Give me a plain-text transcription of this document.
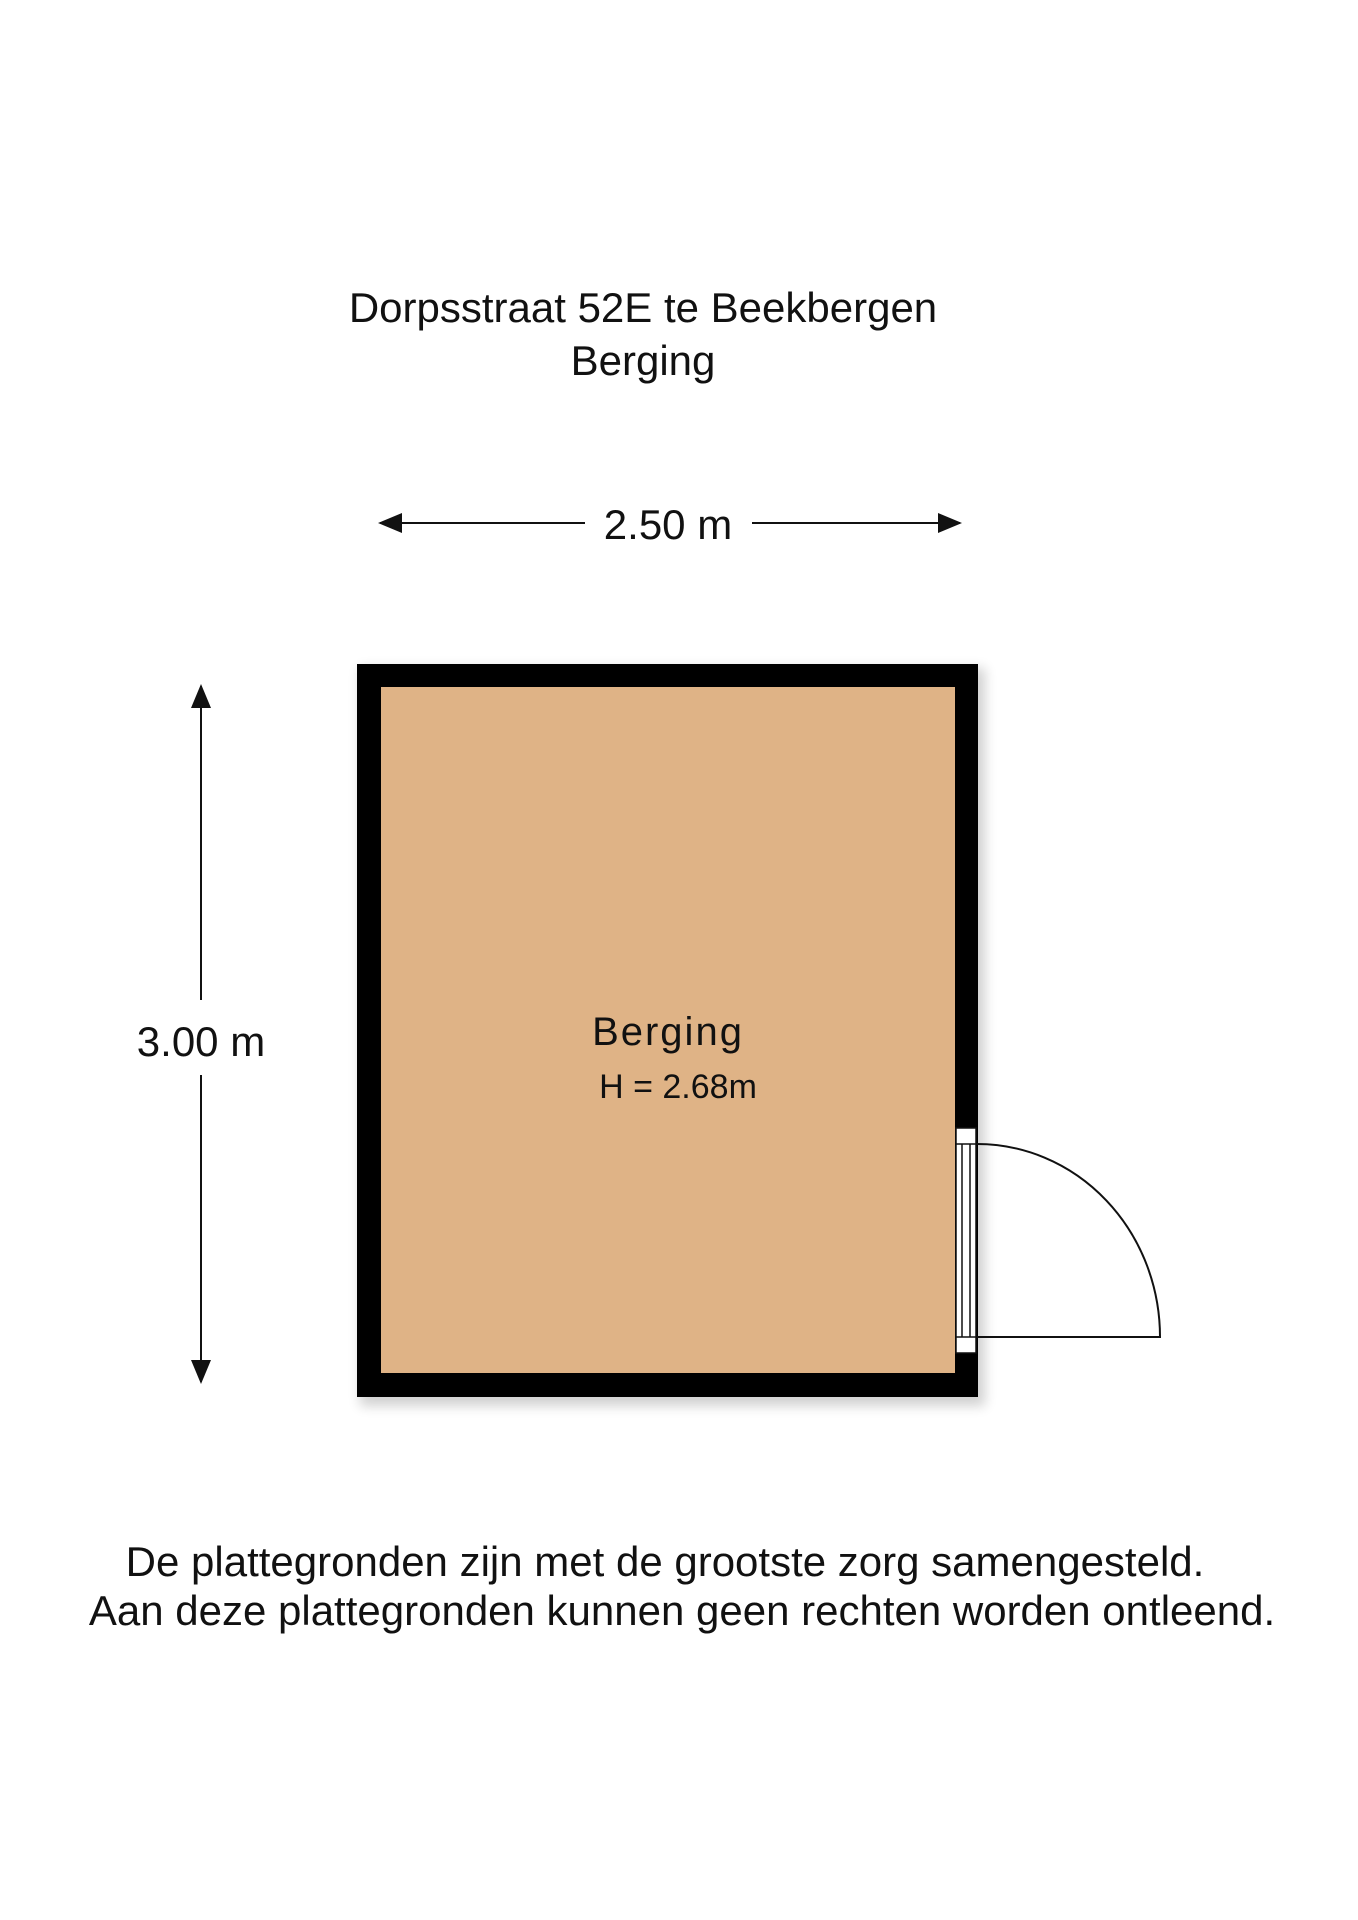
Dorpsstraat 52E te Beekbergen
Berging
2.50 m
3.00 m	Berging
H = 2.68m
De plattegronden zijn met de grootste zorg samengesteld.
Aan deze plattegronden kunnen geen rechten worden ontleend.
